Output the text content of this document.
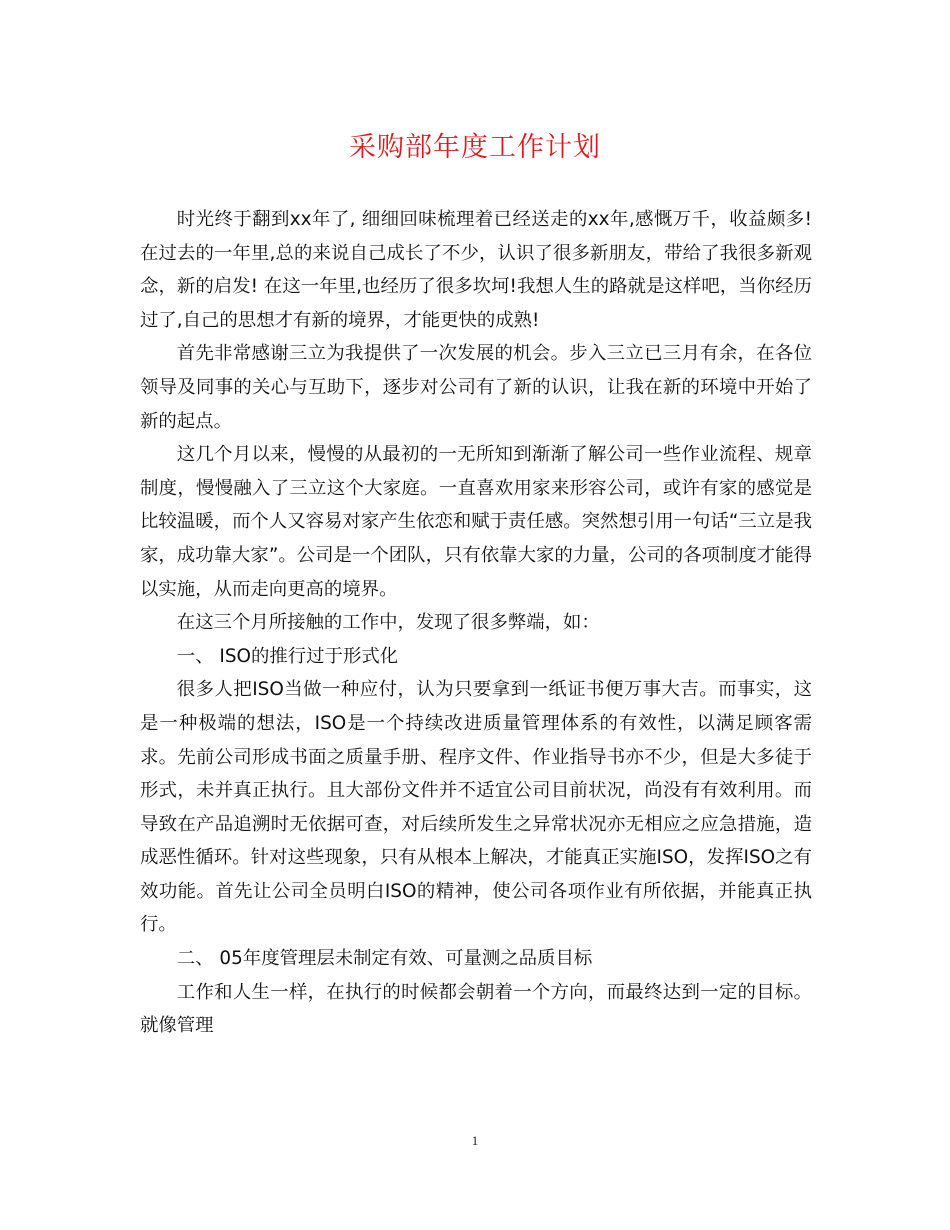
采购部年度工作计划

时光终于翻到xx年了, 细细回味梳理着已经送走的xx年,感慨万千，收益颇多! 在过去的一年里,总的来说自己成长了不少，认识了很多新朋友，带给了我很多新观念，新的启发! 在这一年里,也经历了很多坎坷!我想人生的路就是这样吧，当你经历过了,自己的思想才有新的境界，才能更快的成熟!

首先非常感谢三立为我提供了一次发展的机会。步入三立已三月有余，在各位领导及同事的关心与互助下，逐步对公司有了新的认识，让我在新的环境中开始了新的起点。

这几个月以来，慢慢的从最初的一无所知到渐渐了解公司一些作业流程、规章制度，慢慢融入了三立这个大家庭。一直喜欢用家来形容公司，或许有家的感觉是比较温暖，而个人又容易对家产生依恋和赋于责任感。突然想引用一句话“三立是我家，成功靠大家”。公司是一个团队，只有依靠大家的力量，公司的各项制度才能得以实施，从而走向更高的境界。

在这三个月所接触的工作中，发现了很多弊端，如：

一、 ISO的推行过于形式化

很多人把ISO当做一种应付，认为只要拿到一纸证书便万事大吉。而事实，这是一种极端的想法，ISO是一个持续改进质量管理体系的有效性，以满足顾客需求。先前公司形成书面之质量手册、程序文件、作业指导书亦不少，但是大多徒于形式，未并真正执行。且大部份文件并不适宜公司目前状况，尚没有有效利用。而导致在产品追溯时无依据可查，对后续所发生之异常状况亦无相应之应急措施，造成恶性循环。针对这些现象，只有从根本上解决，才能真正实施ISO，发挥ISO之有效功能。首先让公司全员明白ISO的精神，使公司各项作业有所依据，并能真正执行。

二、 05年度管理层未制定有效、可量测之品质目标

工作和人生一样，在执行的时候都会朝着一个方向，而最终达到一定的目标。就像管理

1
